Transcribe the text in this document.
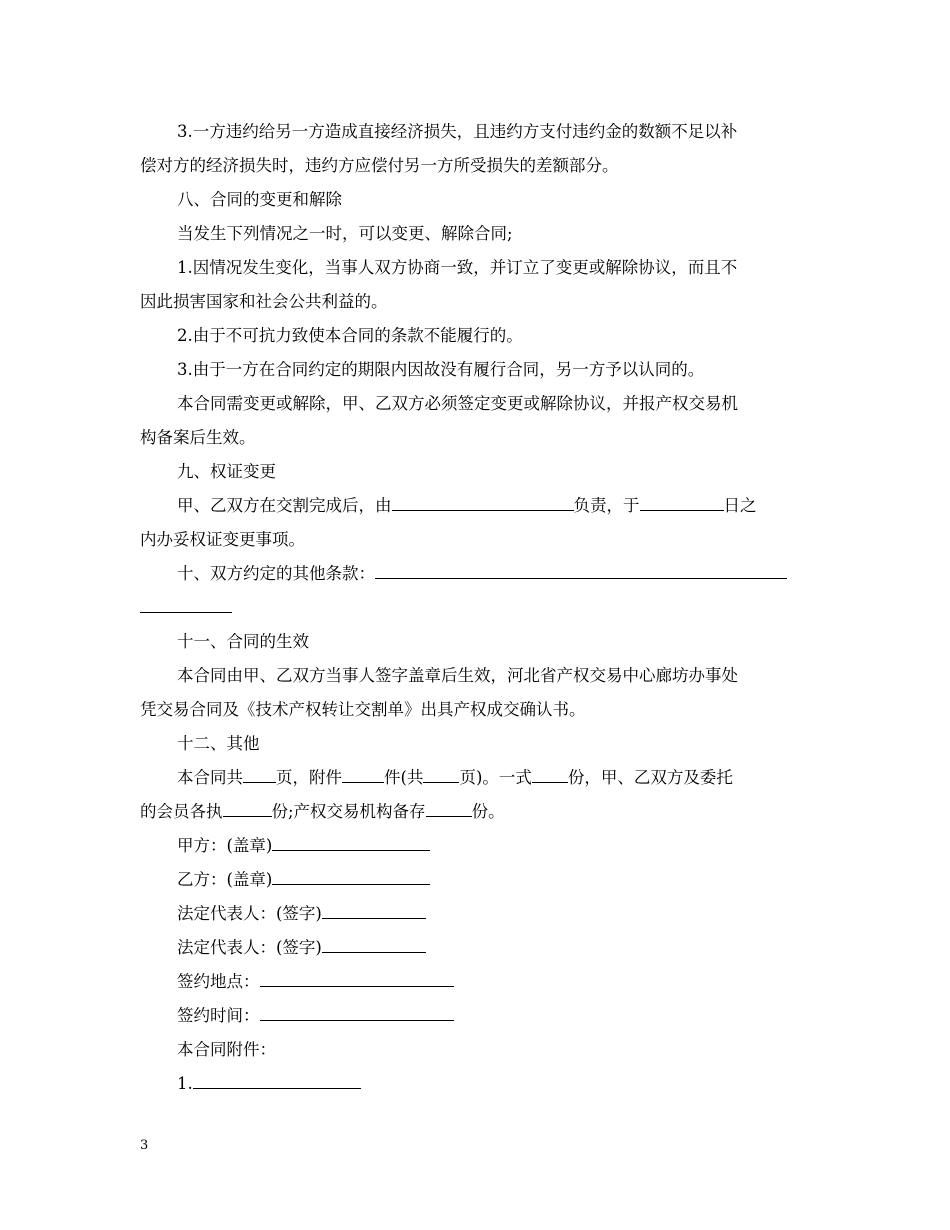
3.一方违约给另一方造成直接经济损失，且违约方支付违约金的数额不足以补
偿对方的经济损失时，违约方应偿付另一方所受损失的差额部分。
八、合同的变更和解除
当发生下列情况之一时，可以变更、解除合同;
1.因情况发生变化，当事人双方协商一致，并订立了变更或解除协议，而且不
因此损害国家和社会公共利益的。
2.由于不可抗力致使本合同的条款不能履行的。
3.由于一方在合同约定的期限内因故没有履行合同，另一方予以认同的。
本合同需变更或解除，甲、乙双方必须签定变更或解除协议，并报产权交易机
构备案后生效。
九、权证变更
甲、乙双方在交割完成后，由	负责，于	日之
内办妥权证变更事项。
十、双方约定的其他条款：
十一、合同的生效
本合同由甲、乙双方当事人签字盖章后生效，河北省产权交易中心廊坊办事处
凭交易合同及《技术产权转让交割单》出具产权成交确认书。
十二、其他
本合同共 页，附件	件(共 页)。一式 份，甲、乙双方及委托
的会员各执	份;产权交易机构备存	份。
甲方：(盖章)
乙方：(盖章)
法定代表人：(签字)
法定代表人：(签字)
签约地点：
签约时间：
本合同附件：
1.
3
